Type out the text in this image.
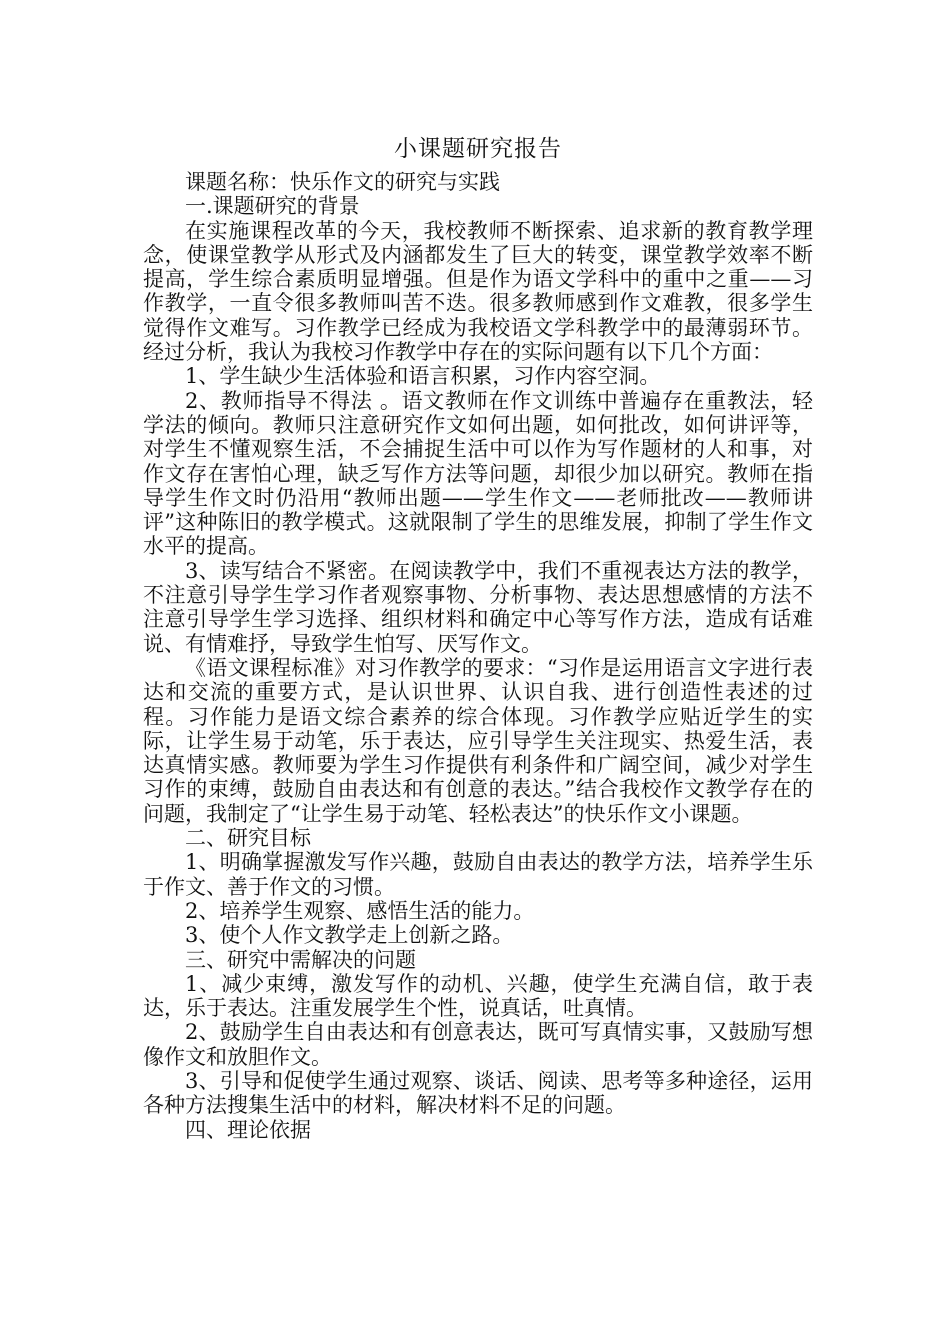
小课题研究报告

课题名称：快乐作文的研究与实践

一.课题研究的背景

在实施课程改革的今天，我校教师不断探索、追求新的教育教学理念，使课堂教学从形式及内涵都发生了巨大的转变，课堂教学效率不断提高，学生综合素质明显增强。但是作为语文学科中的重中之重——习作教学，一直令很多教师叫苦不迭。很多教师感到作文难教，很多学生觉得作文难写。习作教学已经成为我校语文学科教学中的最薄弱环节。经过分析，我认为我校习作教学中存在的实际问题有以下几个方面：

1、学生缺少生活体验和语言积累，习作内容空洞。

2、教师指导不得法 。语文教师在作文训练中普遍存在重教法，轻学法的倾向。教师只注意研究作文如何出题，如何批改，如何讲评等，对学生不懂观察生活，不会捕捉生活中可以作为写作题材的人和事，对作文存在害怕心理，缺乏写作方法等问题，却很少加以研究。教师在指导学生作文时仍沿用“教师出题——学生作文——老师批改——教师讲评”这种陈旧的教学模式。这就限制了学生的思维发展，抑制了学生作文水平的提高。

3、读写结合不紧密。在阅读教学中，我们不重视表达方法的教学，不注意引导学生学习作者观察事物、分析事物、表达思想感情的方法不注意引导学生学习选择、组织材料和确定中心等写作方法，造成有话难说、有情难抒，导致学生怕写、厌写作文。

《语文课程标准》对习作教学的要求：“习作是运用语言文字进行表达和交流的重要方式，是认识世界、认识自我、进行创造性表述的过程。习作能力是语文综合素养的综合体现。习作教学应贴近学生的实际，让学生易于动笔，乐于表达，应引导学生关注现实、热爱生活，表达真情实感。教师要为学生习作提供有利条件和广阔空间，减少对学生习作的束缚，鼓励自由表达和有创意的表达。”结合我校作文教学存在的问题，我制定了“让学生易于动笔、轻松表达”的快乐作文小课题。

二、研究目标

1、明确掌握激发写作兴趣，鼓励自由表达的教学方法，培养学生乐于作文、善于作文的习惯。

2、培养学生观察、感悟生活的能力。

3、使个人作文教学走上创新之路。

三、研究中需解决的问题

1、减少束缚，激发写作的动机、兴趣，使学生充满自信，敢于表达，乐于表达。注重发展学生个性，说真话，吐真情。

2、鼓励学生自由表达和有创意表达，既可写真情实事，又鼓励写想像作文和放胆作文。

3、引导和促使学生通过观察、谈话、阅读、思考等多种途径，运用各种方法搜集生活中的材料，解决材料不足的问题。

四、理论依据
